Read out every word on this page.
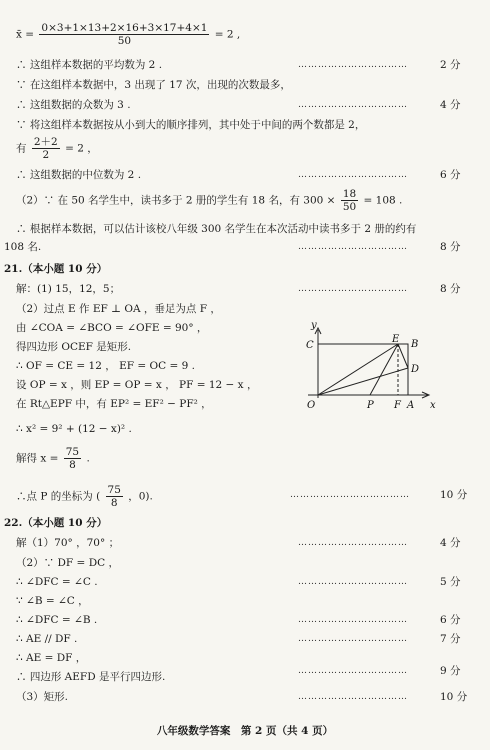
x̄ = $\frac{0\times 3+1\times 13+2\times 16+3\times 17+4\times 1}{50} = 2$ ,
∴ 这组样本数据的平均数为 2 .	……………………………	2 分
∵ 在这组样本数据中，3 出现了 17 次，出现的次数最多，
∴ 这组数据的众数为 3 .	……………………………	4 分
∵ 将这组样本数据按从小到大的顺序排列，其中处于中间的两个数都是 2，
有 $\frac{2+2}{2} = 2$ ，
∴ 这组数据的中位数为 2 .	……………………………	6 分
（2）∵ 在 50 名学生中，读书多于 2 册的学生有 18 名，有 $300 \times \frac{18}{50} = 108$ .
∴ 根据样本数据，可以估计该校八年级 300 名学生在本次活动中读书多于 2 册的约有
108 名.	……………………………	8 分
21.（本小题 10 分）
解：(1) 15，12，5；	……………………………	8 分
（2）过点 E 作 EF ⊥ OA ，垂足为点 F ，
由 ∠COA = ∠BCO = ∠OFE = 90° ，
得四边形 OCEF 是矩形.
∴ OF = CE = 12 ， EF = OC = 9 .
设 OP = x ，则 EP = OP = x ， PF = 12 − x ，
在 Rt△EPF 中，有 EP² = EF² − PF² ，
∴ x² = 9² + (12 − x)² .
解得 $x = \frac{75}{8}$ .
∴点 P 的坐标为 ( $\frac{75}{8}$ ，0).	………………………………	10 分
y
x
C
E B
D
O	P F A
22.（本小题 10 分）
解（1）70° ，70° ；	……………………………	4 分
（2）∵ DF = DC ，
∴ ∠DFC = ∠C .	……………………………	5 分
∵ ∠B = ∠C ，
∴ ∠DFC = ∠B .	……………………………	6 分
∴ AE // DF .	……………………………	7 分
∴ AE = DF ，
∴ 四边形 AEFD 是平行四边形.	……………………………	9 分
（3）矩形.	……………………………	10 分
八年级数学答案　第 2 页（共 4 页）
